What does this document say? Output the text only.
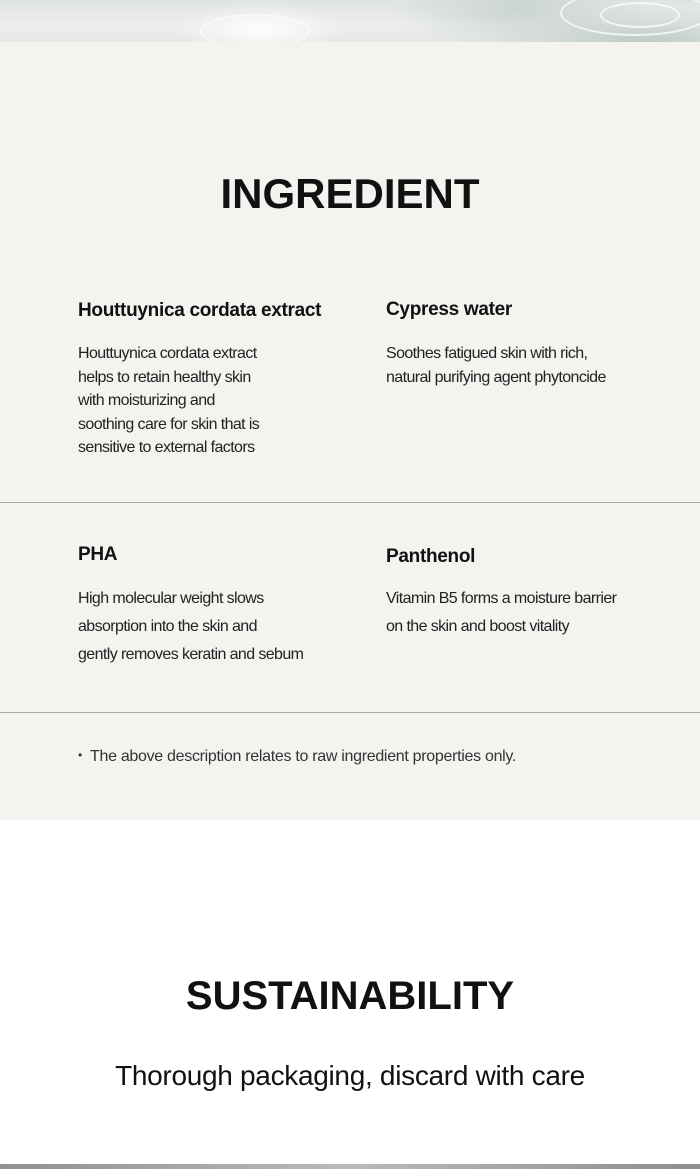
INGREDIENT
Houttuynica cordata extract
Houttuynica cordata extract
helps to retain healthy skin
with moisturizing and
soothing care for skin that is
sensitive to external factors
Cypress water
Soothes fatigued skin with rich,
natural purifying agent phytoncide
PHA
High molecular weight slows
absorption into the skin and
gently removes keratin and sebum
Panthenol
Vitamin B5 forms a moisture barrier
on the skin and boost vitality
• The above description relates to raw ingredient properties only.
SUSTAINABILITY
Thorough packaging, discard with care
